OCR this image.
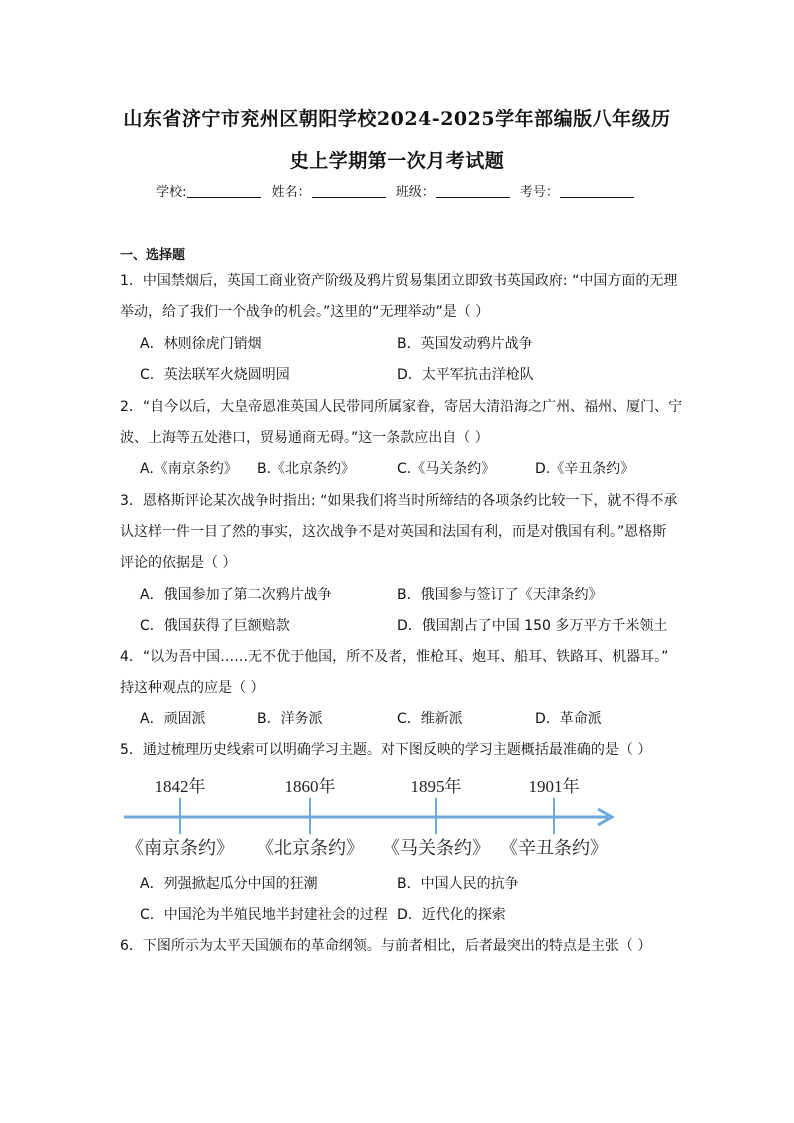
山东省济宁市兖州区朝阳学校2024-2025学年部编版八年级历
史上学期第一次月考试题
学校:	姓名：	班级：	考号：
一、选择题
1．中国禁烟后，英国工商业资产阶级及鸦片贸易集团立即致书英国政府: “中国方面的无理
举动，给了我们一个战争的机会。”这里的“无理举动”是（ ）
A．林则徐虎门销烟	B．英国发动鸦片战争
C．英法联军火烧圆明园	D．太平军抗击洋枪队
2．“自今以后，大皇帝恩准英国人民带同所属家眷，寄居大清沿海之广州、福州、厦门、宁
波、上海等五处港口，贸易通商无碍。”这一条款应出自（ ）
A.《南京条约》 B.《北京条约》	C.《马关条约》	D.《辛丑条约》
3．恩格斯评论某次战争时指出: “如果我们将当时所缔结的各项条约比较一下，就不得不承
认这样一件一目了然的事实，这次战争不是对英国和法国有利，而是对俄国有利。”恩格斯
评论的依据是（ ）
A．俄国参加了第二次鸦片战争	B．俄国参与签订了《天津条约》
C．俄国获得了巨额赔款	D．俄国割占了中国 150 多万平方千米领土
4．“以为吾中国……无不优于他国，所不及者，惟枪耳、炮耳、船耳、铁路耳、机器耳。”
持这种观点的应是（ ）
A．顽固派	B．洋务派	C．维新派	D．革命派
5．通过梳理历史线索可以明确学习主题。对下图反映的学习主题概括最准确的是（ ）
1842年
《南京条约》
1860年
《北京条约》
1895年
《马关条约》
1901年
《辛丑条约》
A．列强掀起瓜分中国的狂潮	B．中国人民的抗争
C．中国沦为半殖民地半封建社会的过程 D．近代化的探索
6．下图所示为太平天国颁布的革命纲领。与前者相比，后者最突出的特点是主张（ ）
